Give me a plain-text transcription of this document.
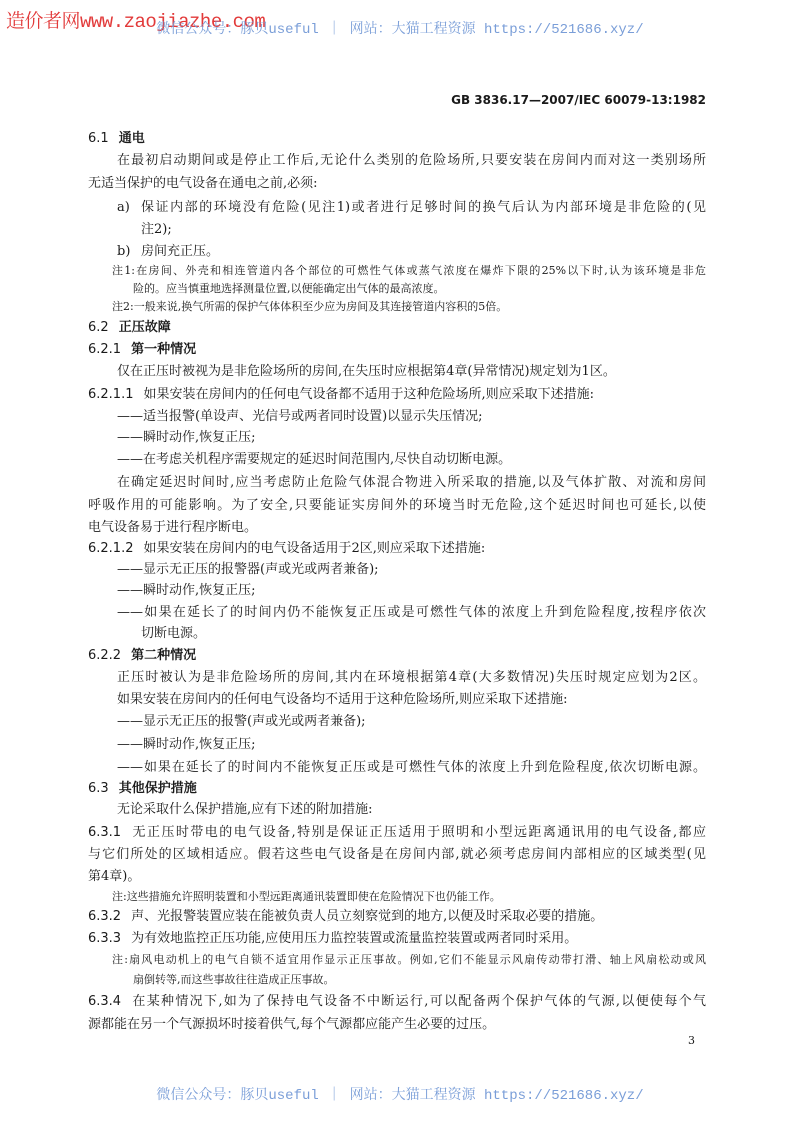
造价者网www.zaojiazhe.com
微信公众号：豚贝useful ｜ 网站：大猫工程资源 https://521686.xyz/
GB 3836.17—2007/IEC 60079-13:1982
6.1 通电
在最初启动期间或是停止工作后,无论什么类别的危险场所,只要安装在房间内而对这一类别场所
无适当保护的电气设备在通电之前,必须:
a) 保证内部的环境没有危险(见注1)或者进行足够时间的换气后认为内部环境是非危险的(见
注2);
b) 房间充正压。
注1:在房间、外壳和相连管道内各个部位的可燃性气体或蒸气浓度在爆炸下限的25%以下时,认为该环境是非危
险的。应当慎重地选择测量位置,以便能确定出气体的最高浓度。
注2:一般来说,换气所需的保护气体体积至少应为房间及其连接管道内容积的5倍。
6.2 正压故障
6.2.1 第一种情况
仅在正压时被视为是非危险场所的房间,在失压时应根据第4章(异常情况)规定划为1区。
6.2.1.1 如果安装在房间内的任何电气设备都不适用于这种危险场所,则应采取下述措施:
——适当报警(单设声、光信号或两者同时设置)以显示失压情况;
——瞬时动作,恢复正压;
——在考虑关机程序需要规定的延迟时间范围内,尽快自动切断电源。
在确定延迟时间时,应当考虑防止危险气体混合物进入所采取的措施,以及气体扩散、对流和房间
呼吸作用的可能影响。为了安全,只要能证实房间外的环境当时无危险,这个延迟时间也可延长,以使
电气设备易于进行程序断电。
6.2.1.2 如果安装在房间内的电气设备适用于2区,则应采取下述措施:
——显示无正压的报警器(声或光或两者兼备);
——瞬时动作,恢复正压;
——如果在延长了的时间内仍不能恢复正压或是可燃性气体的浓度上升到危险程度,按程序依次
切断电源。
6.2.2 第二种情况
正压时被认为是非危险场所的房间,其内在环境根据第4章(大多数情况)失压时规定应划为2区。
如果安装在房间内的任何电气设备均不适用于这种危险场所,则应采取下述措施:
——显示无正压的报警(声或光或两者兼备);
——瞬时动作,恢复正压;
——如果在延长了的时间内不能恢复正压或是可燃性气体的浓度上升到危险程度,依次切断电源。
6.3 其他保护措施
无论采取什么保护措施,应有下述的附加措施:
6.3.1 无正压时带电的电气设备,特别是保证正压适用于照明和小型远距离通讯用的电气设备,都应
与它们所处的区域相适应。假若这些电气设备是在房间内部,就必须考虑房间内部相应的区域类型(见
第4章)。
注:这些措施允许照明装置和小型远距离通讯装置即使在危险情况下也仍能工作。
6.3.2 声、光报警装置应装在能被负责人员立刻察觉到的地方,以便及时采取必要的措施。
6.3.3 为有效地监控正压功能,应使用压力监控装置或流量监控装置或两者同时采用。
注:扇风电动机上的电气自锁不适宜用作显示正压事故。例如,它们不能显示风扇传动带打滑、轴上风扇松动或风
扇倒转等,而这些事故往往造成正压事故。
6.3.4 在某种情况下,如为了保持电气设备不中断运行,可以配备两个保护气体的气源,以便使每个气
源都能在另一个气源损坏时接着供气,每个气源都应能产生必要的过压。
3
微信公众号：豚贝useful ｜ 网站：大猫工程资源 https://521686.xyz/
